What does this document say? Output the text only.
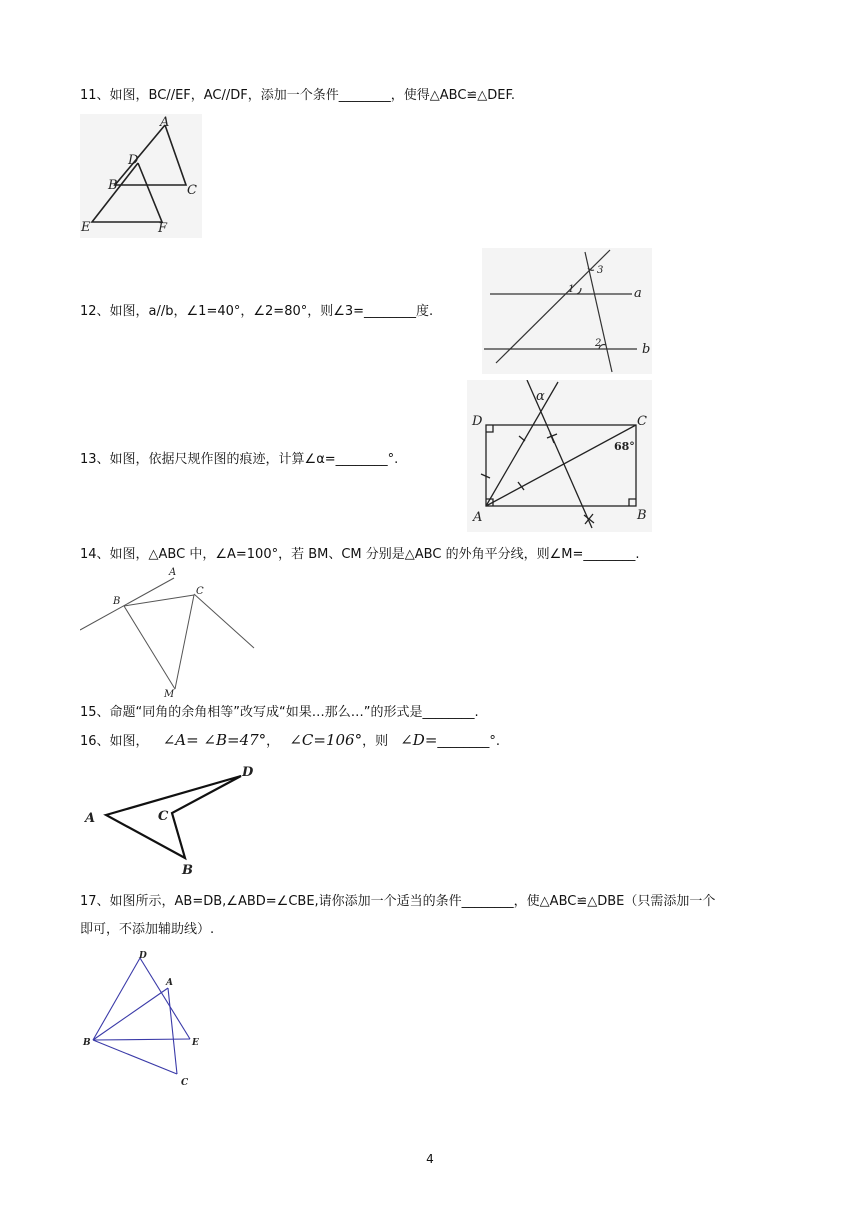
11、如图，BC//EF，AC//DF，添加一个条件________，使得△ABC≌△DEF.
A
D
B	C
E	F
12、如图，a//b，∠1=40°，∠2=80°，则∠3=________度.
1
2
3
a
b
13、如图，依据尺规作图的痕迹，计算∠α=________°.
D	C
A	B
α
68°
14、如图，△ABC 中，∠A=100°，若 BM、CM 分别是△ABC 的外角平分线，则∠M=________.
A
B
C
M
15、命题“同角的余角相等”改写成“如果…那么…”的形式是________.
16、如图， ∠A= ∠B=47°， ∠C=106°，则 ∠D=________°.
A
D
C
B
17、如图所示，AB=DB,∠ABD=∠CBE,请你添加一个适当的条件________，使△ABC≌△DBE（只需添加一个
即可，不添加辅助线）.
D
A
B	E
C
4
